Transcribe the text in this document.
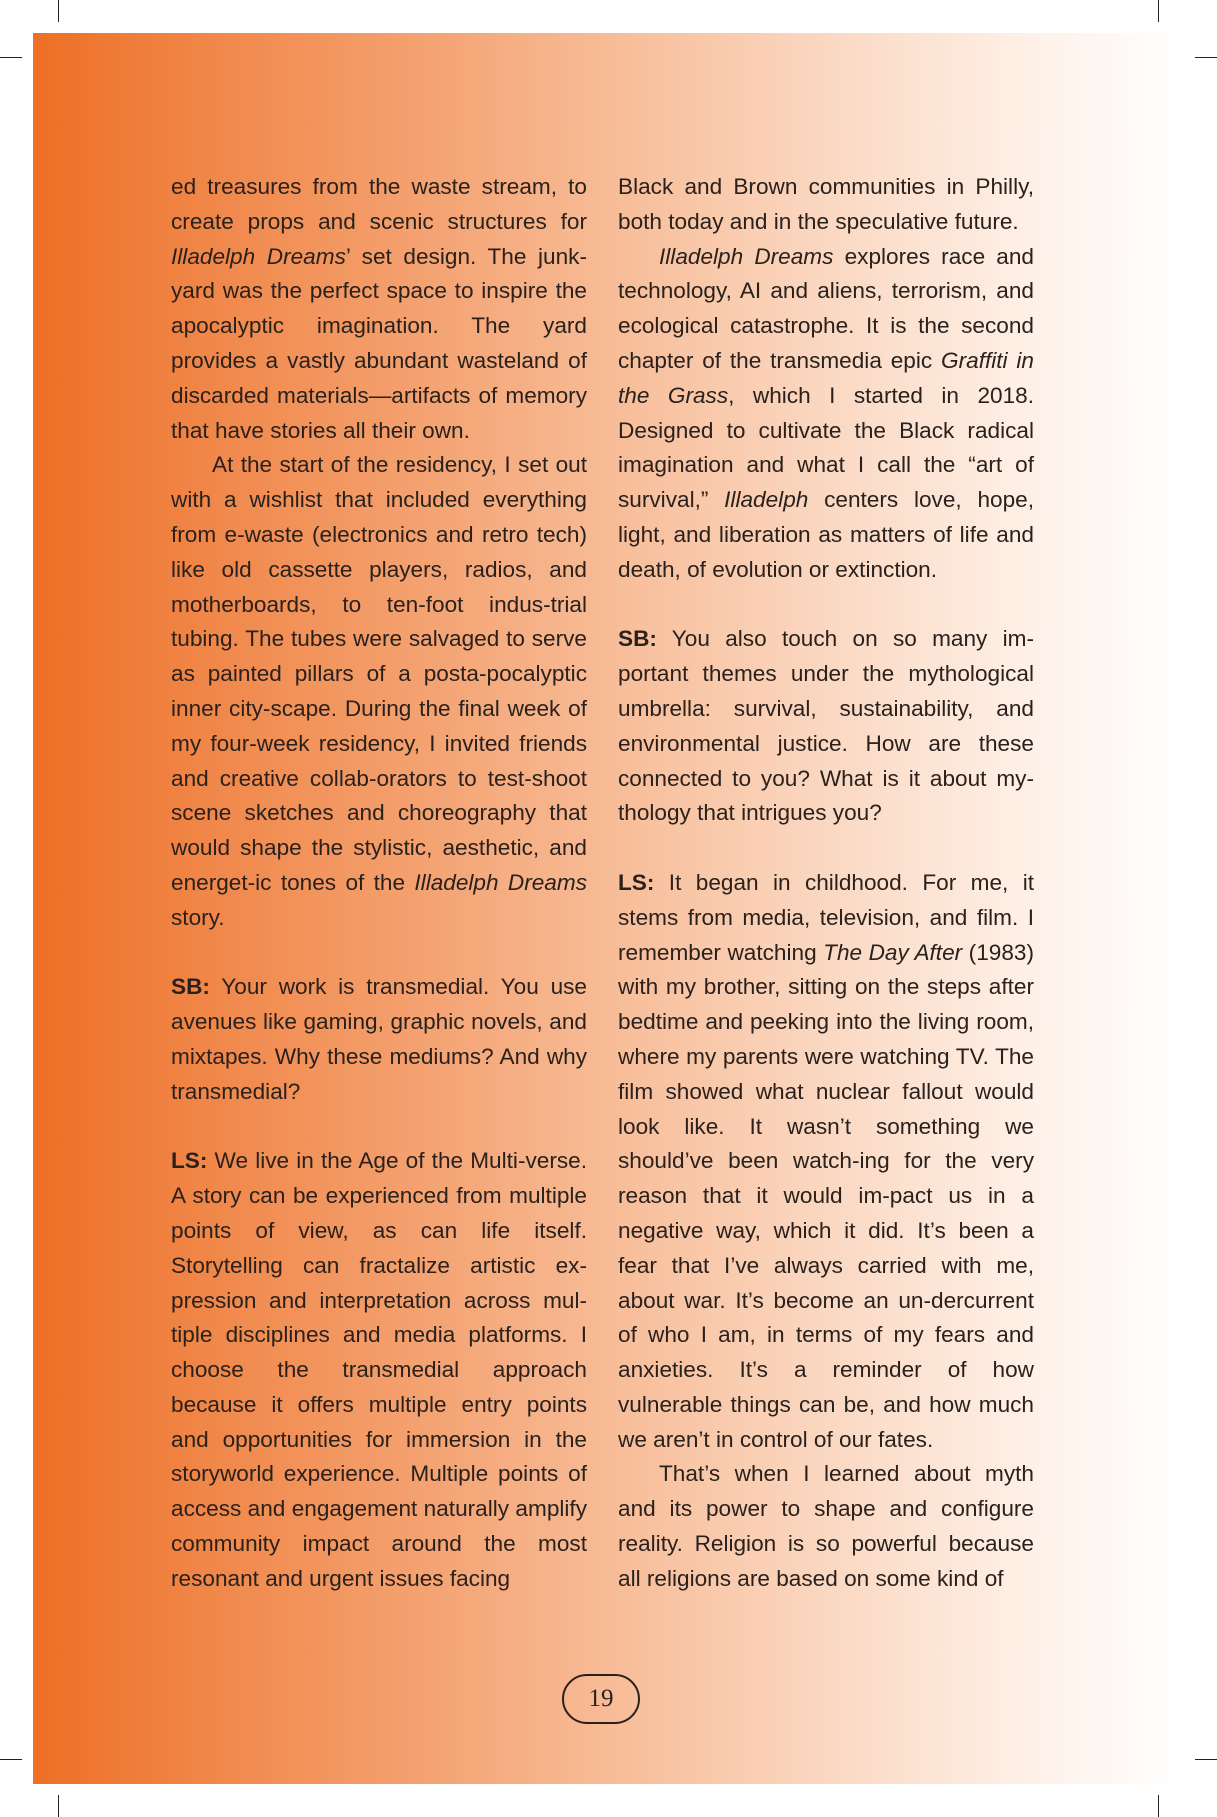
ed treasures from the waste stream, to create props and scenic structures for Illadelph Dreams’ set design. The junk-yard was the perfect space to inspire the apocalyptic imagination. The yard provides a vastly abundant wasteland of discarded materials—artifacts of memory that have stories all their own.

At the start of the residency, I set out with a wishlist that included everything from e-waste (electronics and retro tech) like old cassette players, radios, and motherboards, to ten-foot indus-trial tubing. The tubes were salvaged to serve as painted pillars of a posta-pocalyptic inner city-scape. During the final week of my four-week residency, I invited friends and creative collab-orators to test-shoot scene sketches and choreography that would shape the stylistic, aesthetic, and energet-ic tones of the Illadelph Dreams story.

SB: Your work is transmedial. You use avenues like gaming, graphic novels, and mixtapes. Why these mediums? And why transmedial?

LS: We live in the Age of the Multi-verse. A story can be experienced from multiple points of view, as can life itself. Storytelling can fractalize artistic ex-pression and interpretation across mul-tiple disciplines and media platforms. I choose the transmedial approach because it offers multiple entry points and opportunities for immersion in the storyworld experience. Multiple points of access and engagement naturally amplify community impact around the most resonant and urgent issues facing

Black and Brown communities in Philly, both today and in the speculative future.

Illadelph Dreams explores race and technology, AI and aliens, terrorism, and ecological catastrophe. It is the second chapter of the transmedia epic Graffiti in the Grass, which I started in 2018. Designed to cultivate the Black radical imagination and what I call the “art of survival,” Illadelph centers love, hope, light, and liberation as matters of life and death, of evolution or extinction.

SB: You also touch on so many im-portant themes under the mythological umbrella: survival, sustainability, and environmental justice. How are these connected to you? What is it about my-thology that intrigues you?

LS: It began in childhood. For me, it stems from media, television, and film. I remember watching The Day After (1983) with my brother, sitting on the steps after bedtime and peeking into the living room, where my parents were watching TV. The film showed what nuclear fallout would look like. It wasn’t something we should’ve been watch-ing for the very reason that it would im-pact us in a negative way, which it did. It’s been a fear that I’ve always carried with me, about war. It’s become an un-dercurrent of who I am, in terms of my fears and anxieties. It’s a reminder of how vulnerable things can be, and how much we aren’t in control of our fates.

That’s when I learned about myth and its power to shape and configure reality. Religion is so powerful because all religions are based on some kind of

19
